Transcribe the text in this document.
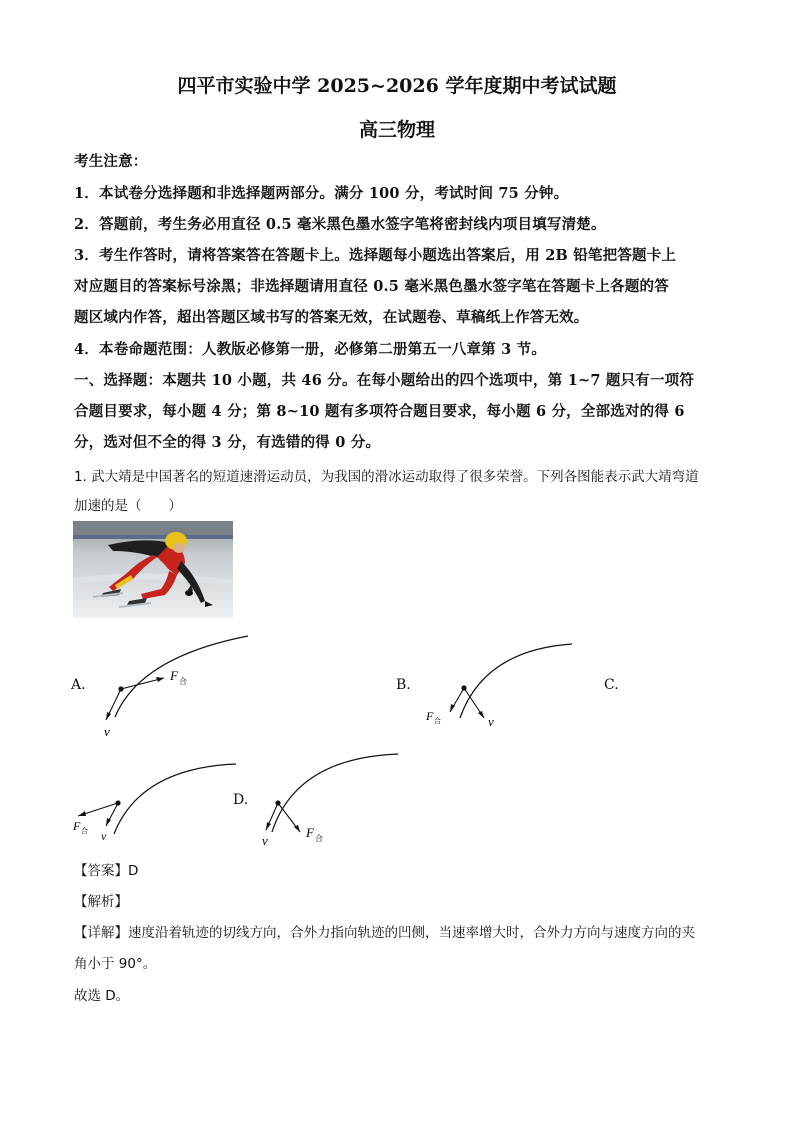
四平市实验中学 2025~2026 学年度期中考试试题
高三物理
考生注意：
1．本试卷分选择题和非选择题两部分。满分 100 分，考试时间 75 分钟。
2．答题前，考生务必用直径 0.5 毫米黑色墨水签字笔将密封线内项目填写清楚。
3．考生作答时，请将答案答在答题卡上。选择题每小题选出答案后，用 2B 铅笔把答题卡上
对应题目的答案标号涂黑；非选择题请用直径 0.5 毫米黑色墨水签字笔在答题卡上各题的答
题区域内作答，超出答题区域书写的答案无效，在试题卷、草稿纸上作答无效。
4．本卷命题范围：人教版必修第一册，必修第二册第五一八章第 3 节。
一、选择题：本题共 10 小题，共 46 分。在每小题给出的四个选项中，第 1~7 题只有一项符
合题目要求，每小题 4 分；第 8~10 题有多项符合题目要求，每小题 6 分，全部选对的得 6
分，选对但不全的得 3 分，有选错的得 0 分。
1. 武大靖是中国著名的短道速滑运动员，为我国的滑冰运动取得了很多荣誉。下列各图能表示武大靖弯道
加速的是（　　）
A.
F 合
v
B.
F 合	v
C.
F 合 v
D.
v
F 合
【答案】D
【解析】
【详解】速度沿着轨迹的切线方向，合外力指向轨迹的凹侧，当速率增大时，合外力方向与速度方向的夹
角小于 90°。
故选 D。
